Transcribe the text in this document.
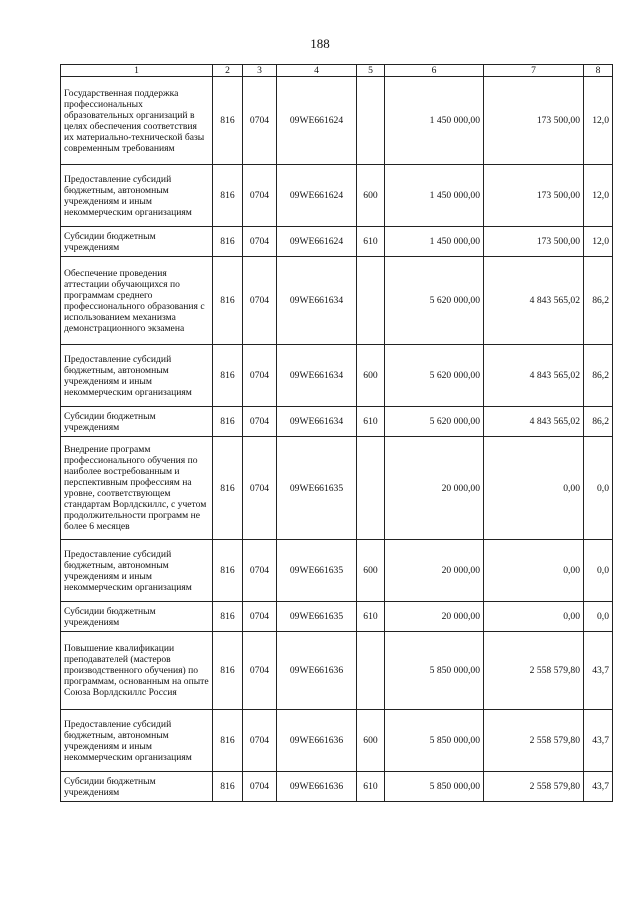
188
1	2	3	4	5	6	7	8
Государственная поддержка профессиональных образовательных организаций в целях обеспечения соответствия их материально-технической базы современным требованиям	816	0704	09WE661624		1 450 000,00	173 500,00	12,0
Предоставление субсидий бюджетным, автономным учреждениям и иным некоммерческим организациям	816	0704	09WE661624	600	1 450 000,00	173 500,00	12,0
Субсидии бюджетным учреждениям	816	0704	09WE661624	610	1 450 000,00	173 500,00	12,0
Обеспечение проведения аттестации обучающихся по программам среднего профессионального образования с использованием механизма демонстрационного экзамена	816	0704	09WE661634		5 620 000,00	4 843 565,02	86,2
Предоставление субсидий бюджетным, автономным учреждениям и иным некоммерческим организациям	816	0704	09WE661634	600	5 620 000,00	4 843 565,02	86,2
Субсидии бюджетным учреждениям	816	0704	09WE661634	610	5 620 000,00	4 843 565,02	86,2
Внедрение программ профессионального обучения по наиболее востребованным и перспективным профессиям на уровне, соответствующем стандартам Ворлдскиллс, с учетом продолжительности программ не более 6 месяцев	816	0704	09WE661635		20 000,00	0,00	0,0
Предоставление субсидий бюджетным, автономным учреждениям и иным некоммерческим организациям	816	0704	09WE661635	600	20 000,00	0,00	0,0
Субсидии бюджетным учреждениям	816	0704	09WE661635	610	20 000,00	0,00	0,0
Повышение квалификации преподавателей (мастеров производственного обучения) по программам, основанным на опыте Союза Ворлдскиллс Россия	816	0704	09WE661636		5 850 000,00	2 558 579,80	43,7
Предоставление субсидий бюджетным, автономным учреждениям и иным некоммерческим организациям	816	0704	09WE661636	600	5 850 000,00	2 558 579,80	43,7
Субсидии бюджетным учреждениям	816	0704	09WE661636	610	5 850 000,00	2 558 579,80	43,7
